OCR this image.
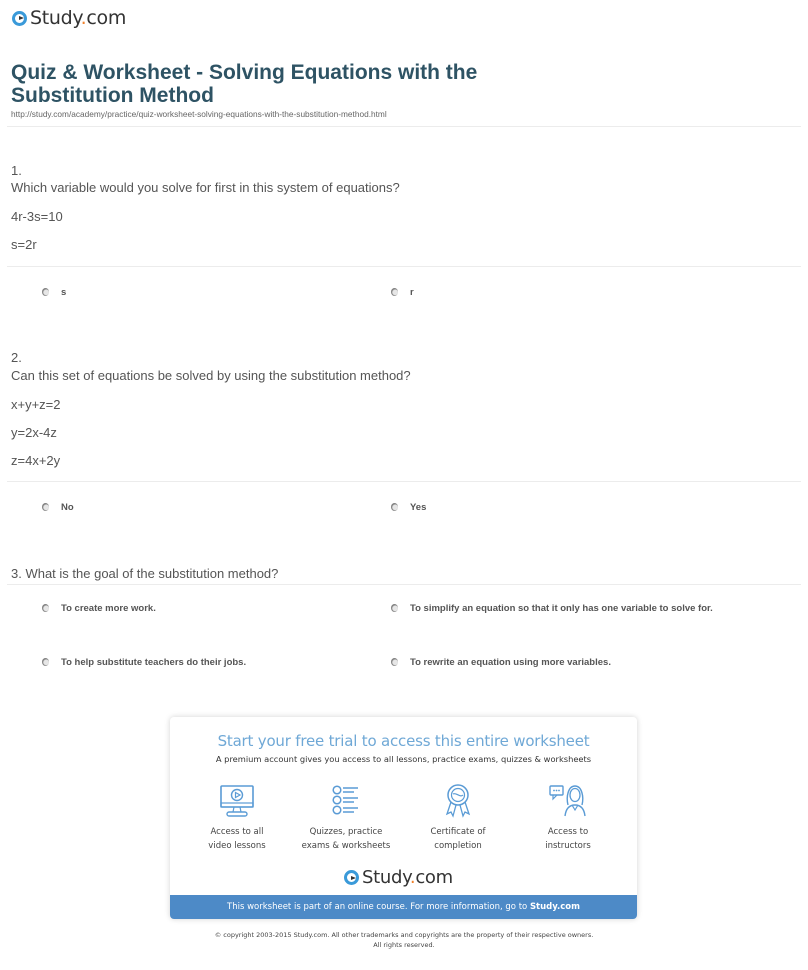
Study.com
Quiz & Worksheet - Solving Equations with the Substitution Method
http://study.com/academy/practice/quiz-worksheet-solving-equations-with-the-substitution-method.html
1.
Which variable would you solve for first in this system of equations?
4r-3s=10
s=2r
s	r
2.
Can this set of equations be solved by using the substitution method?
x+y+z=2
y=2x-4z
z=4x+2y
No	Yes
3. What is the goal of the substitution method?
To create more work.	To simplify an equation so that it only has one variable to solve for.
To help substitute teachers do their jobs.	To rewrite an equation using more variables.
Start your free trial to access this entire worksheet
A premium account gives you access to all lessons, practice exams, quizzes & worksheets
Access to all
video lessons
Quizzes, practice
exams & worksheets
Certificate of
completion
Access to
instructors
Study.com
This worksheet is part of an online course. For more information, go to Study.com
© copyright 2003-2015 Study.com. All other trademarks and copyrights are the property of their respective owners.
All rights reserved.
